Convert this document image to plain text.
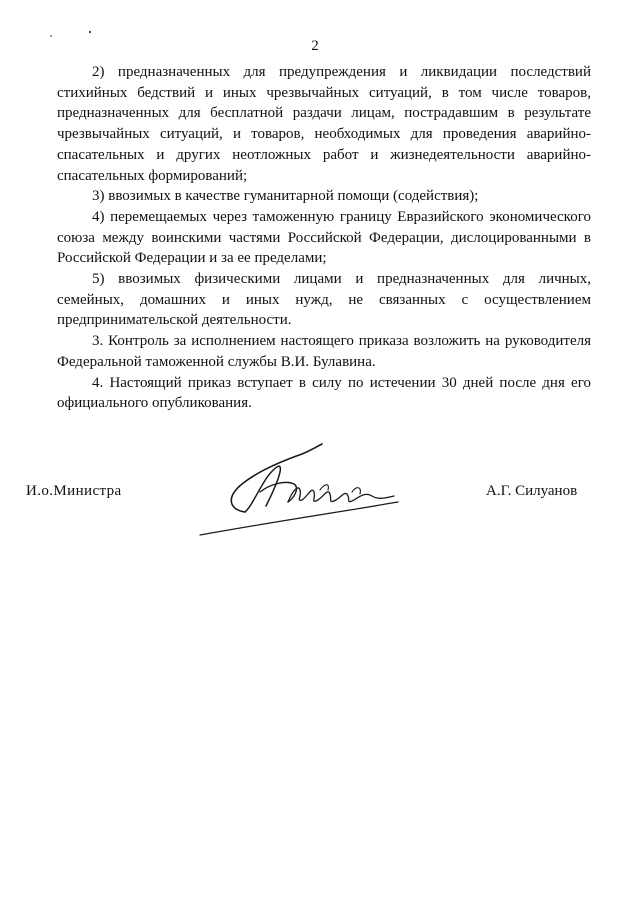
2

2) предназначенных для предупреждения и ликвидации последствий стихийных бедствий и иных чрезвычайных ситуаций, в том числе товаров, предназначенных для бесплатной раздачи лицам, пострадавшим в результате чрезвычайных ситуаций, и товаров, необходимых для проведения аварийно-спасательных и других неотложных работ и жизнедеятельности аварийно-спасательных формирований;

3) ввозимых в качестве гуманитарной помощи (содействия);

4) перемещаемых через таможенную границу Евразийского экономического союза между воинскими частями Российской Федерации, дислоцированными в Российской Федерации и за ее пределами;

5) ввозимых физическими лицами и предназначенных для личных, семейных, домашних и иных нужд, не связанных с осуществлением предпринимательской деятельности.

3. Контроль за исполнением настоящего приказа возложить на руководителя Федеральной таможенной службы В.И. Булавина.

4. Настоящий приказ вступает в силу по истечении 30 дней после дня его официального опубликования.

И.о.Министра	А.Г. Силуанов
